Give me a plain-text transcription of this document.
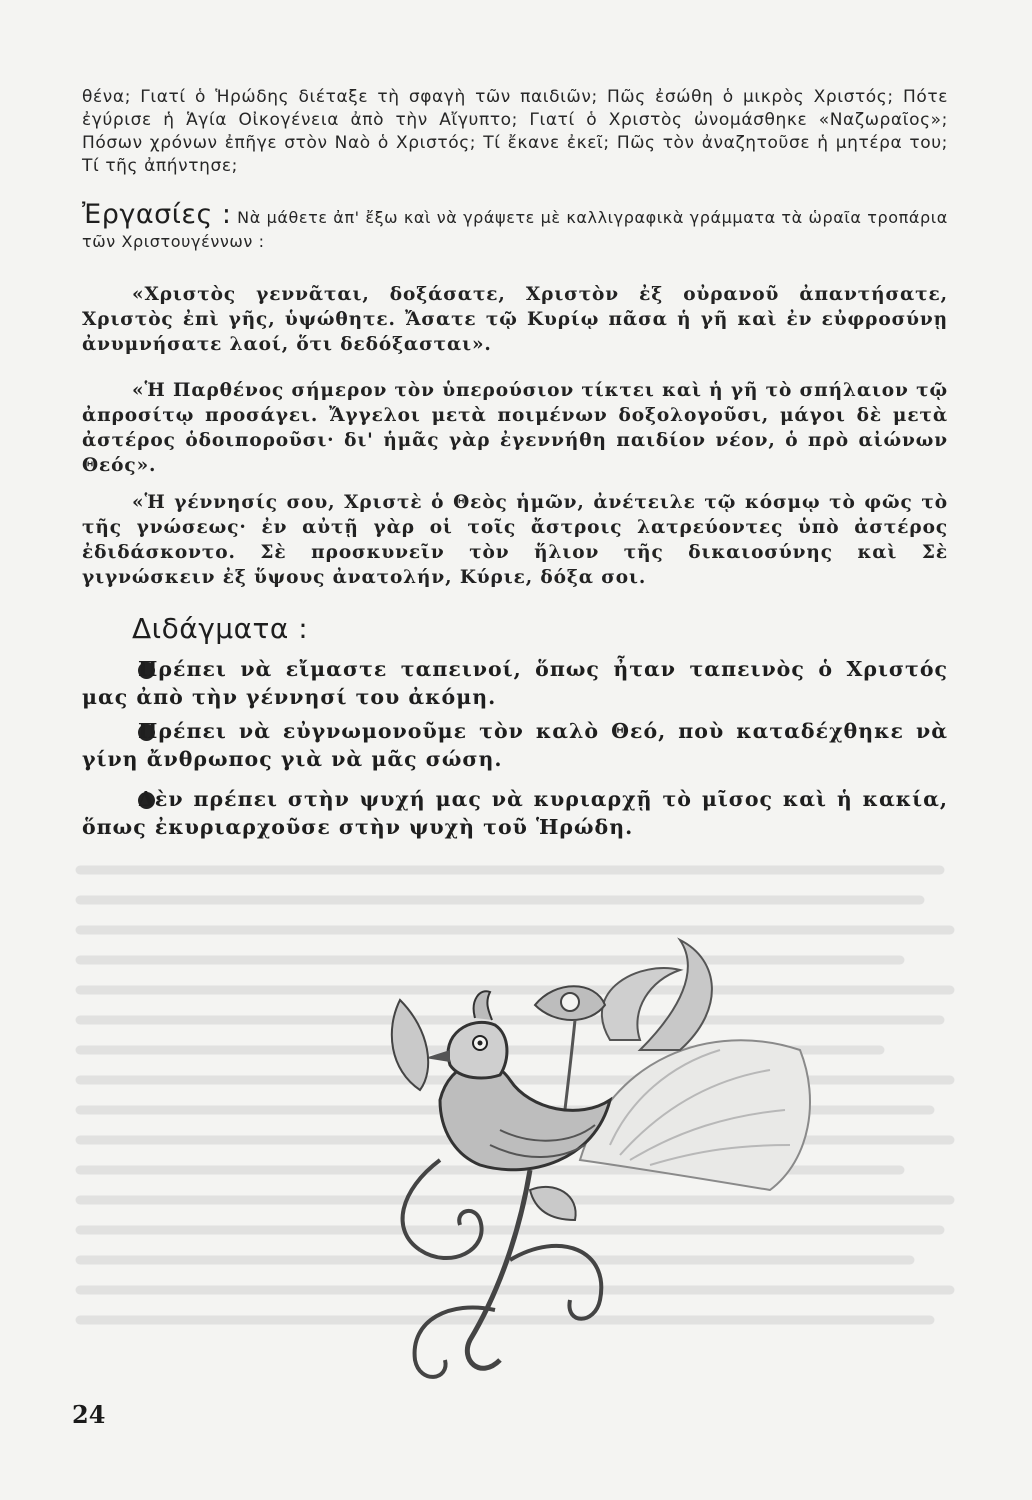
θένα; Γιατί ὁ Ἡρώδης διέταξε τὴ σφαγὴ τῶν παιδιῶν; Πῶς ἐσώθη ὁ μικρὸς Χριστός; Πότε ἐγύρισε ἡ Ἁγία Οἰκογένεια ἀπὸ τὴν Αἴγυπτο; Γιατί ὁ Χριστὸς ὠνομάσθηκε «Ναζωραῖος»; Πόσων χρόνων ἐπῆγε στὸν Ναὸ ὁ Χριστός; Τί ἔκανε ἐκεῖ; Πῶς τὸν ἀναζητοῦσε ἡ μητέρα του; Τί τῆς ἀπήντησε;
Ἐργασίες : Νὰ μάθετε ἀπ' ἔξω καὶ νὰ γράψετε μὲ καλλιγραφικὰ γράμματα τὰ ὡραῖα τροπάρια τῶν Χριστουγέννων :

«Χριστὸς γεννᾶται, δοξάσατε, Χριστὸν ἐξ οὐρανοῦ ἀπαντήσατε, Χριστὸς ἐπὶ γῆς, ὑψώθητε. Ἄσατε τῷ Κυρίῳ πᾶσα ἡ γῆ καὶ ἐν εὐφροσύνῃ ἀνυμνήσατε λαοί, ὅτι δεδόξασται».

«Ἡ Παρθένος σήμερον τὸν ὑπερούσιον τίκτει καὶ ἡ γῆ τὸ σπήλαιον τῷ ἀπροσίτῳ προσάγει. Ἄγγελοι μετὰ ποιμένων δοξολογοῦσι, μάγοι δὲ μετὰ ἀστέρος ὁδοιποροῦσι· δι' ἡμᾶς γὰρ ἐγεννήθη παιδίον νέον, ὁ πρὸ αἰώνων Θεός».

«Ἡ γέννησίς σου, Χριστὲ ὁ Θεὸς ἡμῶν, ἀνέτειλε τῷ κόσμῳ τὸ φῶς τὸ τῆς γνώσεως· ἐν αὐτῇ γὰρ οἱ τοῖς ἄστροις λατρεύοντες ὑπὸ ἀστέρος ἐδιδάσκοντο. Σὲ προσκυνεῖν τὸν ἥλιον τῆς δικαιοσύνης καὶ Σὲ γιγνώσκειν ἐξ ὕψους ἀνατολήν, Κύριε, δόξα σοι.

Διδάγματα :

Πρέπει νὰ εἴμαστε ταπεινοί, ὅπως ἦταν ταπεινὸς ὁ Χριστός μας ἀπὸ τὴν γέννησί του ἀκόμη.

Πρέπει νὰ εὐγνωμονοῦμε τὸν καλὸ Θεό, ποὺ καταδέχθηκε νὰ γίνη ἄνθρωπος γιὰ νὰ μᾶς σώση.

Δὲν πρέπει στὴν ψυχή μας νὰ κυριαρχῇ τὸ μῖσος καὶ ἡ κακία, ὅπως ἐκυριαρχοῦσε στὴν ψυχὴ τοῦ Ἡρώδη.

24
